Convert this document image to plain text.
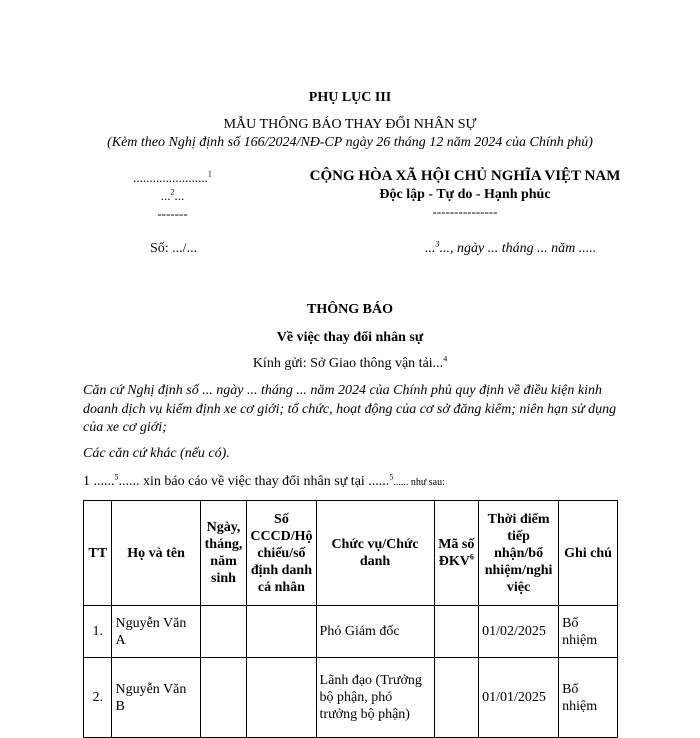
PHỤ LỤC III
MẪU THÔNG BÁO THAY ĐỔI NHÂN SỰ
(Kèm theo Nghị định số 166/2024/NĐ-CP ngày 26 tháng 12 năm 2024 của Chính phủ)
.......................$^1$
...$^2$...
-------
CỘNG HÒA XÃ HỘI CHỦ NGHĨA VIỆT NAM
Độc lập - Tự do - Hạnh phúc
---------------
Số: .../...	...$^3$..., ngày ... tháng ... năm .....
THÔNG BÁO
Về việc thay đổi nhân sự
Kính gửi: Sở Giao thông vận tải...$^4$
Căn cứ Nghị định số ... ngày ... tháng ... năm 2024 của Chính phủ quy định về điều kiện kinh doanh dịch vụ kiểm định xe cơ giới; tổ chức, hoạt động của cơ sở đăng kiểm; niên hạn sử dụng của xe cơ giới;
Các căn cứ khác (nếu có).
1 ......$^5$...... xin báo cáo về việc thay đổi nhân sự tại ......$^5$...... như sau:
TT	Họ và tên	Ngày, tháng, năm sinh	Số CCCD/Hộ chiếu/số định danh cá nhân	Chức vụ/Chức danh	Mã số ĐKV$^6$	Thời điểm tiếp nhận/bổ nhiệm/nghi việc	Ghi chú
1.	Nguyễn Văn A			Phó Giám đốc		01/02/2025	Bổ nhiệm
2.	Nguyễn Văn B			Lãnh đạo (Trưởng bộ phận, phó trưởng bộ phận)		01/01/2025	Bổ nhiệm
